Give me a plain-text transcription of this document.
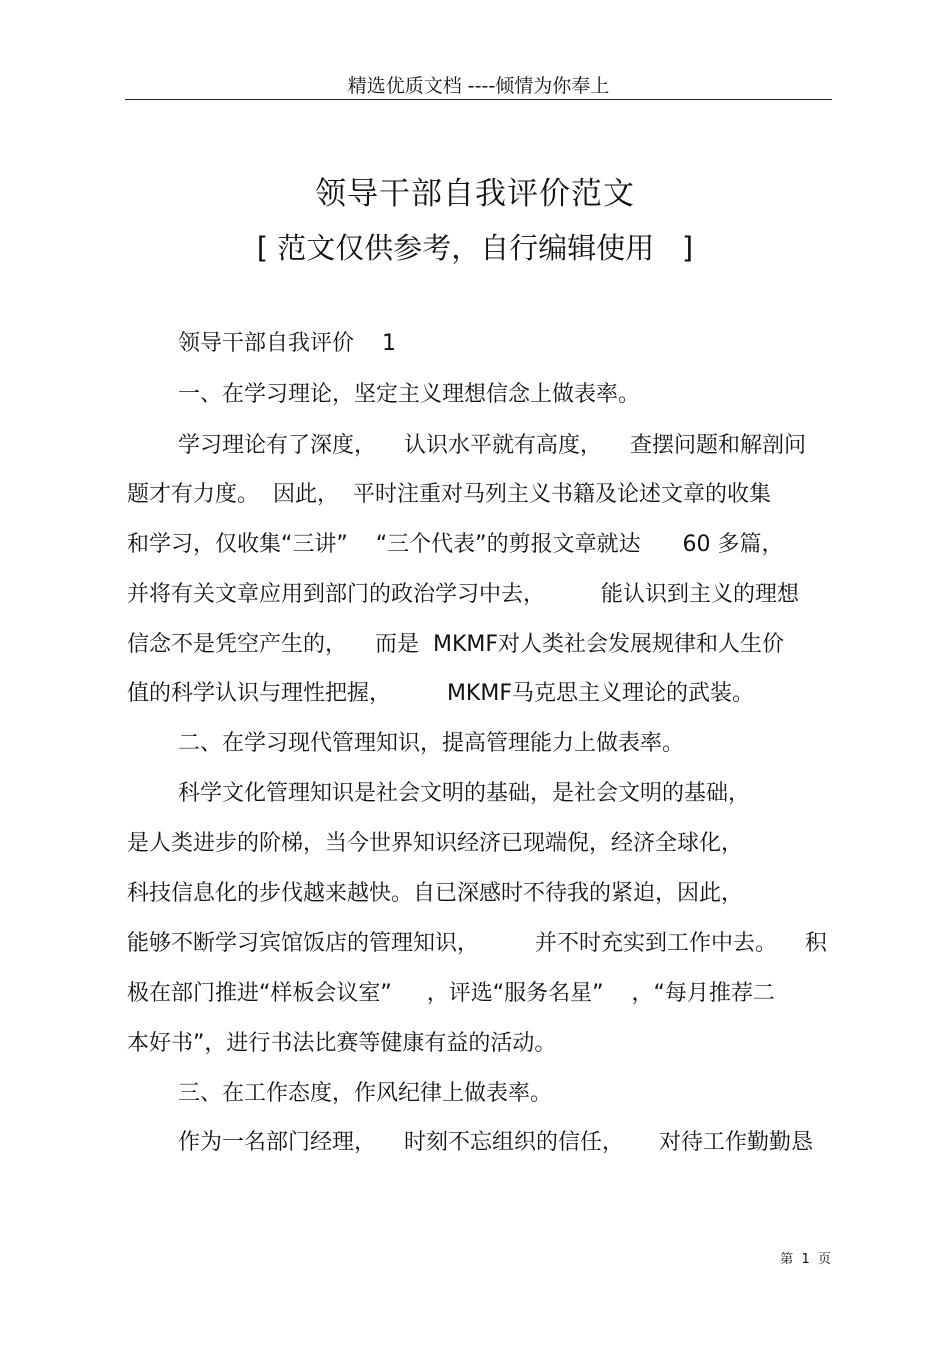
精选优质文档 ----倾情为你奉上
领导干部自我评价范文
[ 范文仅供参考，自行编辑使用   ]
领导干部自我评价    1
一、在学习理论，坚定主义理想信念上做表率。
学习理论有了深度，    认识水平就有高度，    查摆问题和解剖问
题才有力度。  因此，  平时注重对马列主义书籍及论述文章的收集
和学习，仅收集“三讲”    “三个代表”的剪报文章就达      60 多篇，
并将有关文章应用到部门的政治学习中去，        能认识到主义的理想
信念不是凭空产生的，    而是  MKMF对人类社会发展规律和人生价
值的科学认识与理性把握，        MKMF马克思主义理论的武装。
二、在学习现代管理知识，提高管理能力上做表率。
科学文化管理知识是社会文明的基础，是社会文明的基础，
是人类进步的阶梯，当今世界知识经济已现端倪，经济全球化，
科技信息化的步伐越来越快。自已深感时不待我的紧迫，因此，
能够不断学习宾馆饭店的管理知识，        并不时充实到工作中去。    积
极在部门推进“样板会议室”     ，评选“服务名星”    ，“每月推荐二
本好书”，进行书法比赛等健康有益的活动。
三、在工作态度，作风纪律上做表率。
作为一名部门经理，    时刻不忘组织的信任，     对待工作勤勤恳
第  1  页
